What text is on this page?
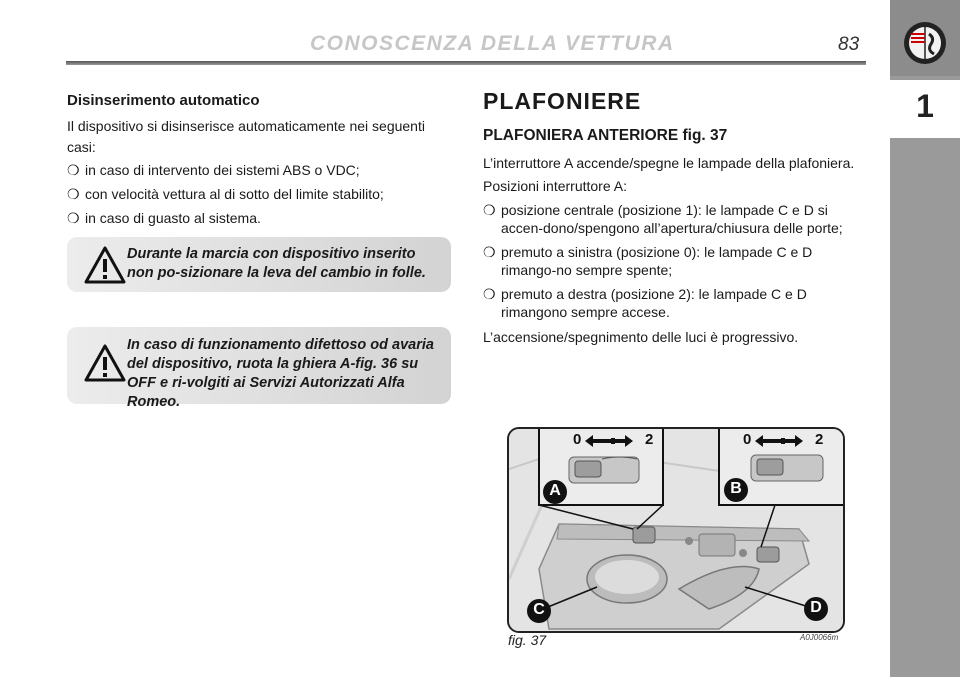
CONOSCENZA DELLA VETTURA	83
1

Disinserimento automatico

Il dispositivo si disinserisce automaticamente nei seguenti casi:

❍ in caso di intervento dei sistemi ABS o VDC;
❍ con velocità vettura al di sotto del limite stabilito;
❍ in caso di guasto al sistema.
Durante la marcia con dispositivo inserito non po-sizionare la leva del cambio in folle.
In caso di funzionamento difettoso od avaria del dispositivo, ruota la ghiera A-fig. 36 su OFF e ri-volgiti ai Servizi Autorizzati Alfa Romeo.

PLAFONIERE

PLAFONIERA ANTERIORE fig. 37

L’interruttore A accende/spegne le lampade della plafoniera.

Posizioni interruttore A:

❍ posizione centrale (posizione 1): le lampade C e D si accen-dono/spengono all’apertura/chiusura delle porte;
❍ premuto a sinistra (posizione 0): le lampade C e D rimango-no sempre spente;
❍ premuto a destra (posizione 2): le lampade C e D rimangono sempre accese.

L’accensione/spegnimento delle luci è progressivo.

A	B
C	D
0	2	0	2
fig. 37	A0J0066m
